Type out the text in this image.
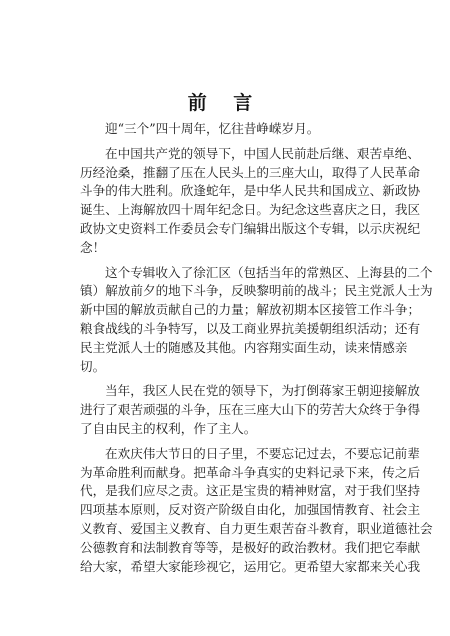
前 言
迎“三个”四十周年，忆往昔峥嵘岁月。
在中国共产党的领导下，中国人民前赴后继、艰苦卓绝、
历经沧桑，推翻了压在人民头上的三座大山，取得了人民革命
斗争的伟大胜利。欣逢蛇年，是中华人民共和国成立、新政协
诞生、上海解放四十周年纪念日。为纪念这些喜庆之日，我区
政协文史资料工作委员会专门编辑出版这个专辑，以示庆祝纪
念！
这个专辑收入了徐汇区（包括当年的常熟区、上海县的二个
镇）解放前夕的地下斗争，反映黎明前的战斗；民主党派人士为
新中国的解放贡献自己的力量；解放初期本区接管工作斗争；
粮食战线的斗争特写，以及工商业界抗美援朝组织活动；还有
民主党派人士的随感及其他。内容翔实面生动，读来情感亲
切。
当年，我区人民在党的领导下，为打倒蒋家王朝迎接解放
进行了艰苦顽强的斗争，压在三座大山下的劳苦大众终于争得
了自由民主的权利，作了主人。
在欢庆伟大节日的日子里，不要忘记过去，不要忘记前辈
为革命胜利而献身。把革命斗争真实的史料记录下来，传之后
代，是我们应尽之责。这正是宝贵的精神财富，对于我们坚持
四项基本原则，反对资产阶级自由化，加强国情教育、社会主
义教育、爱国主义教育、自力更生艰苦奋斗教育，职业道德社会
公德教育和法制教育等等，是极好的政治教材。我们把它奉献
给大家，希望大家能珍视它，运用它。更希望大家都来关心我
